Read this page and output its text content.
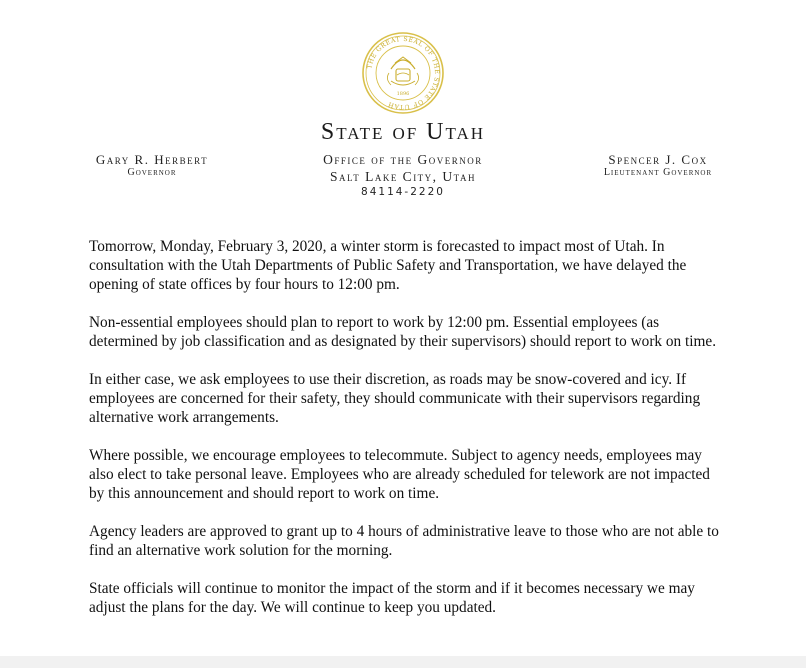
THE GREAT SEAL OF THE STATE OF UTAH
1896
State of Utah
Office of the Governor
Salt Lake City, Utah
84114-2220
Gary R. Herbert
Governor
Spencer J. Cox
Lieutenant Governor

Tomorrow, Monday, February 3, 2020, a winter storm is forecasted to impact most of Utah. In consultation with the Utah Departments of Public Safety and Transportation, we have delayed the opening of state offices by four hours to 12:00 pm.

Non-essential employees should plan to report to work by 12:00 pm. Essential employees (as determined by job classification and as designated by their supervisors) should report to work on time.

In either case, we ask employees to use their discretion, as roads may be snow-covered and icy. If employees are concerned for their safety, they should communicate with their supervisors regarding alternative work arrangements.

Where possible, we encourage employees to telecommute. Subject to agency needs, employees may also elect to take personal leave. Employees who are already scheduled for telework are not impacted by this announcement and should report to work on time.

Agency leaders are approved to grant up to 4 hours of administrative leave to those who are not able to find an alternative work solution for the morning.

State officials will continue to monitor the impact of the storm and if it becomes necessary we may adjust the plans for the day. We will continue to keep you updated.
